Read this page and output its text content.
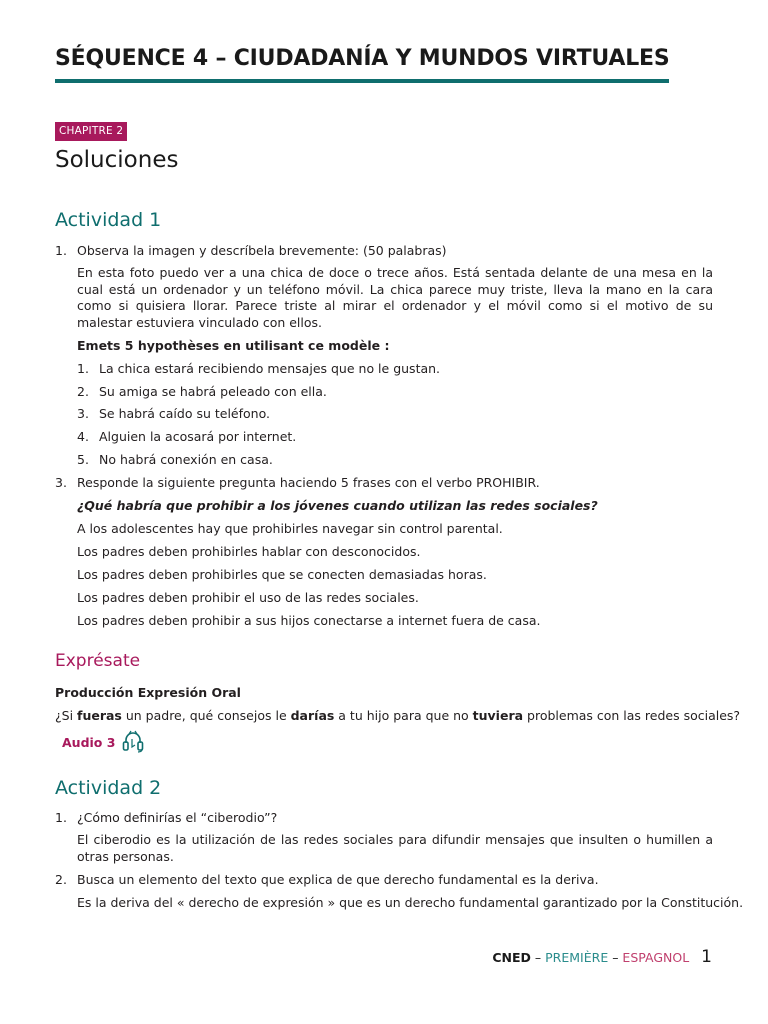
SÉQUENCE 4 – CIUDADANÍA Y MUNDOS VIRTUALES
CHAPITRE 2
Soluciones
Actividad 1
1. Observa la imagen y descríbela brevemente: (50 palabras)
En esta foto puedo ver a una chica de doce o trece años. Está sentada delante de una mesa en la cual está un ordenador y un teléfono móvil. La chica parece muy triste, lleva la mano en la cara como si quisiera llorar. Parece triste al mirar el ordenador y el móvil como si el motivo de su malestar estuviera vinculado con ellos.
Emets 5 hypothèses en utilisant ce modèle :
1. La chica estará recibiendo mensajes que no le gustan.
2. Su amiga se habrá peleado con ella.
3. Se habrá caído su teléfono.
4. Alguien la acosará por internet.
5. No habrá conexión en casa.
3. Responde la siguiente pregunta haciendo 5 frases con el verbo PROHIBIR.
¿Qué habría que prohibir a los jóvenes cuando utilizan las redes sociales?
A los adolescentes hay que prohibirles navegar sin control parental.
Los padres deben prohibirles hablar con desconocidos.
Los padres deben prohibirles que se conecten demasiadas horas.
Los padres deben prohibir el uso de las redes sociales.
Los padres deben prohibir a sus hijos conectarse a internet fuera de casa.
Exprésate
Producción Expresión Oral
¿Si fueras un padre, qué consejos le darías a tu hijo para que no tuviera problemas con las redes sociales?
Audio 3
Actividad 2
1. ¿Cómo definirías el “ciberodio”?
El ciberodio es la utilización de las redes sociales para difundir mensajes que insulten o humillen a otras personas.
2. Busca un elemento del texto que explica de que derecho fundamental es la deriva.
Es la deriva del « derecho de expresión » que es un derecho fundamental garantizado por la Constitución.
CNED – PREMIÈRE – ESPAGNOL 1
